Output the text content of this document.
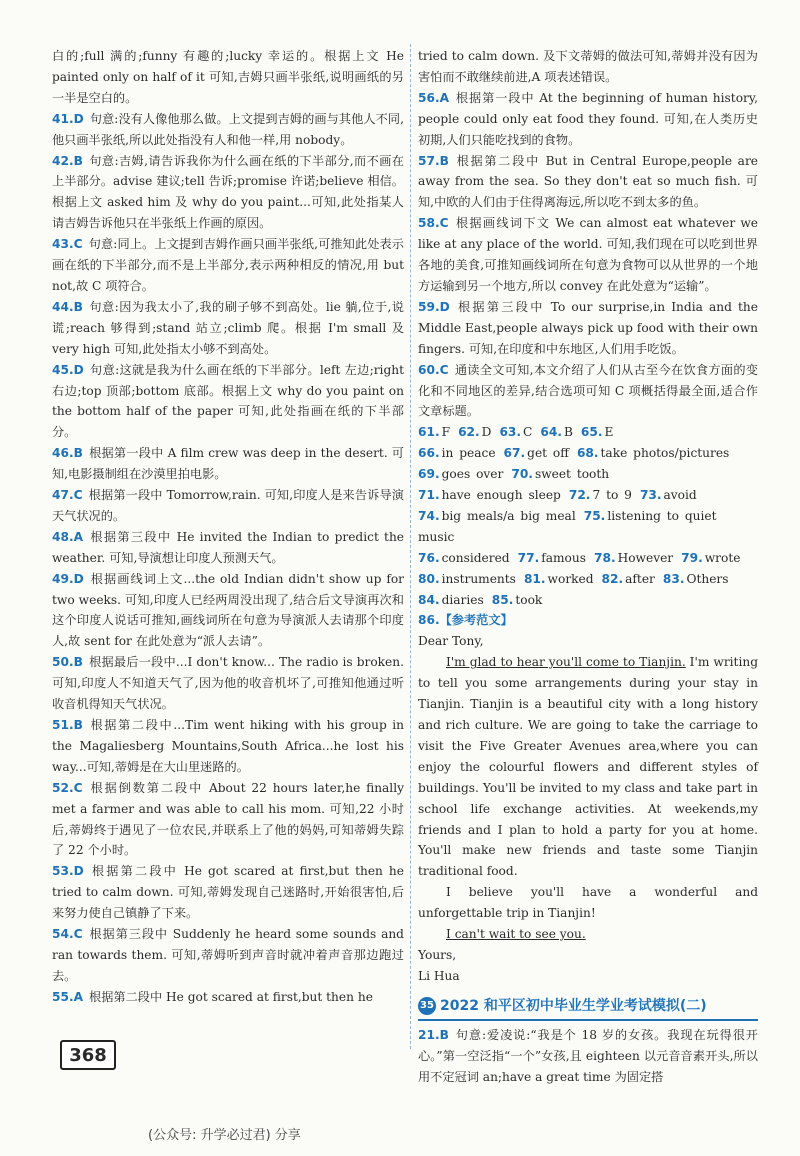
白的;full 满的;funny 有趣的;lucky 幸运的。根据上文 He painted only on half of it 可知,吉姆只画半张纸,说明画纸的另一半是空白的。
41.D 句意:没有人像他那么做。上文提到吉姆的画与其他人不同,他只画半张纸,所以此处指没有人和他一样,用 nobody。
42.B 句意:吉姆,请告诉我你为什么画在纸的下半部分,而不画在上半部分。advise 建议;tell 告诉;promise 许诺;believe 相信。根据上文 asked him 及 why do you paint...可知,此处指某人请吉姆告诉他只在半张纸上作画的原因。
43.C 句意:同上。上文提到吉姆作画只画半张纸,可推知此处表示画在纸的下半部分,而不是上半部分,表示两种相反的情况,用 but not,故 C 项符合。
44.B 句意:因为我太小了,我的刷子够不到高处。lie 躺,位于,说谎;reach 够得到;stand 站立;climb 爬。根据 I'm small 及 very high 可知,此处指太小够不到高处。
45.D 句意:这就是我为什么画在纸的下半部分。left 左边;right 右边;top 顶部;bottom 底部。根据上文 why do you paint on the bottom half of the paper 可知,此处指画在纸的下半部分。
46.B 根据第一段中 A film crew was deep in the desert. 可知,电影摄制组在沙漠里拍电影。
47.C 根据第一段中 Tomorrow,rain. 可知,印度人是来告诉导演天气状况的。
48.A 根据第三段中 He invited the Indian to predict the weather. 可知,导演想让印度人预测天气。
49.D 根据画线词上文...the old Indian didn't show up for two weeks. 可知,印度人已经两周没出现了,结合后文导演再次和这个印度人说话可推知,画线词所在句意为导演派人去请那个印度人,故 sent for 在此处意为“派人去请”。
50.B 根据最后一段中...I don't know... The radio is broken. 可知,印度人不知道天气了,因为他的收音机坏了,可推知他通过听收音机得知天气状况。
51.B 根据第二段中...Tim went hiking with his group in the Magaliesberg Mountains,South Africa...he lost his way...可知,蒂姆是在大山里迷路的。
52.C 根据倒数第二段中 About 22 hours later,he finally met a farmer and was able to call his mom. 可知,22 小时后,蒂姆终于遇见了一位农民,并联系上了他的妈妈,可知蒂姆失踪了 22 个小时。
53.D 根据第二段中 He got scared at first,but then he tried to calm down. 可知,蒂姆发现自己迷路时,开始很害怕,后来努力使自己镇静了下来。
54.C 根据第三段中 Suddenly he heard some sounds and ran towards them. 可知,蒂姆听到声音时就冲着声音那边跑过去。
55.A 根据第二段中 He got scared at first,but then he
tried to calm down. 及下文蒂姆的做法可知,蒂姆并没有因为害怕而不敢继续前进,A 项表述错误。
56.A 根据第一段中 At the beginning of human history, people could only eat food they found. 可知,在人类历史初期,人们只能吃找到的食物。
57.B 根据第二段中 But in Central Europe,people are away from the sea. So they don't eat so much fish. 可知,中欧的人们由于住得离海远,所以吃不到太多的鱼。
58.C 根据画线词下文 We can almost eat whatever we like at any place of the world. 可知,我们现在可以吃到世界各地的美食,可推知画线词所在句意为食物可以从世界的一个地方运输到另一个地方,所以 convey 在此处意为“运输”。
59.D 根据第三段中 To our surprise,in India and the Middle East,people always pick up food with their own fingers. 可知,在印度和中东地区,人们用手吃饭。
60.C 通读全文可知,本文介绍了人们从古至今在饮食方面的变化和不同地区的差异,结合选项可知 C 项概括得最全面,适合作文章标题。
61. F 62. D 63. C 64. B 65. E
66. in peace 67. get off 68. take photos/pictures
69. goes over 70. sweet tooth
71. have enough sleep 72. 7 to 9 73. avoid
74. big meals/a big meal 75. listening to quiet music
76. considered 77. famous 78. However 79. wrote
80. instruments 81. worked 82. after 83. Others
84. diaries 85. took
86.【参考范文】

Dear Tony,

I'm glad to hear you'll come to Tianjin. I'm writing to tell you some arrangements during your stay in Tianjin. Tianjin is a beautiful city with a long history and rich culture. We are going to take the carriage to visit the Five Greater Avenues area,where you can enjoy the colourful flowers and different styles of buildings. You'll be invited to my class and take part in school life exchange activities. At weekends,my friends and I plan to hold a party for you at home. You'll make new friends and taste some Tianjin traditional food.

I believe you'll have a wonderful and unforgettable trip in Tianjin!

I can't wait to see you.

Yours,

Li Hua

35 2022 和平区初中毕业生学业考试模拟(二)
21.B 句意:爱凌说:“我是个 18 岁的女孩。我现在玩得很开心。”第一空泛指“一个”女孩,且 eighteen 以元音音素开头,所以用不定冠词 an;have a great time 为固定搭
368
(公众号: 升学必过君) 分享
